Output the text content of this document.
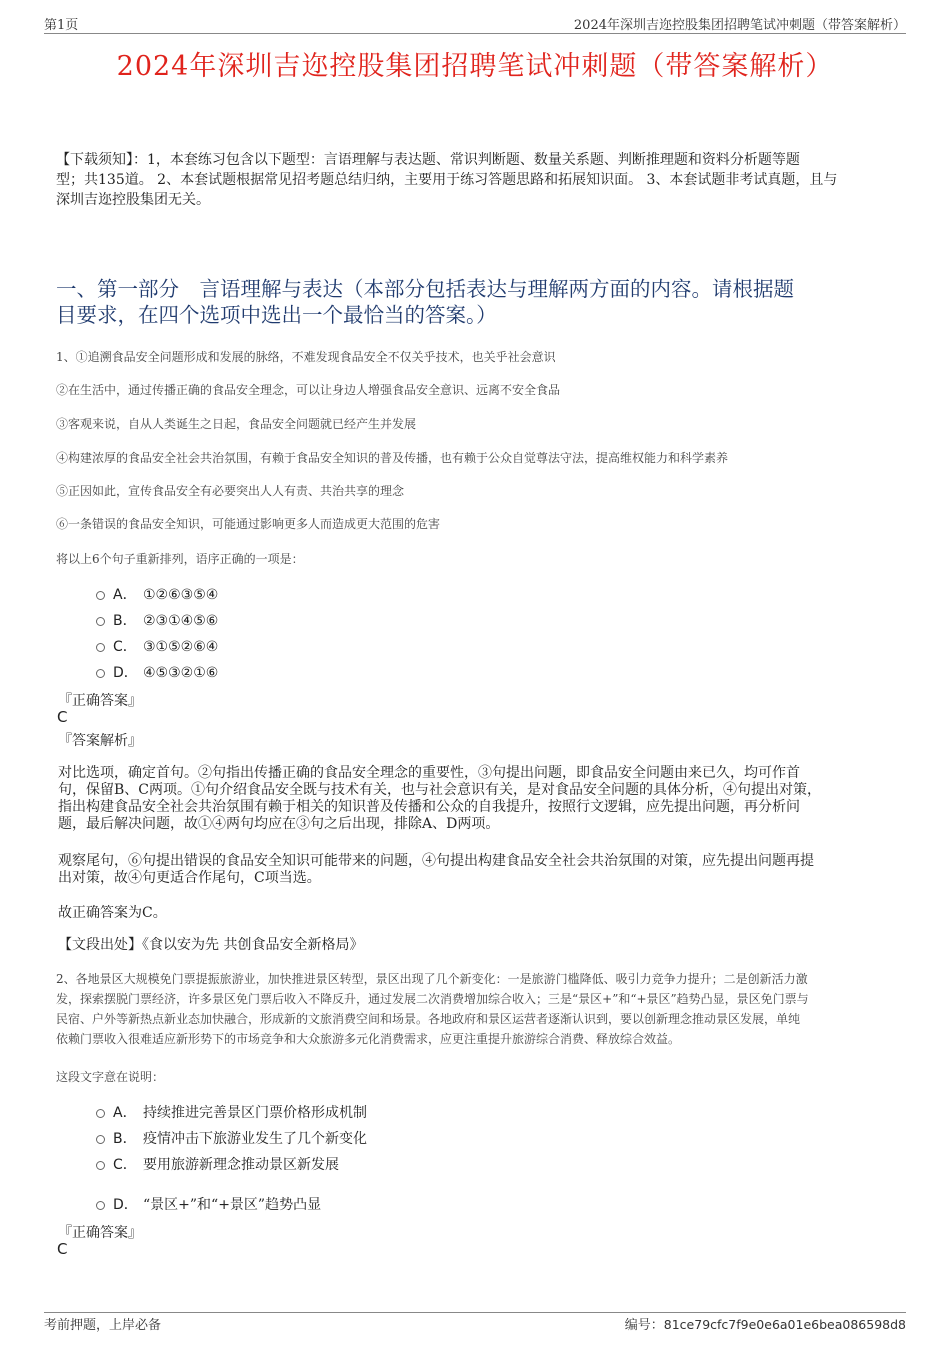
第1页	2024年深圳吉迩控股集团招聘笔试冲刺题（带答案解析）
2024年深圳吉迩控股集团招聘笔试冲刺题（带答案解析）
【下载须知】：1，本套练习包含以下题型：言语理解与表达题、常识判断题、数量关系题、判断推理题和资料分析题等题
型；共135道。 2、本套试题根据常见招考题总结归纳，主要用于练习答题思路和拓展知识面。 3、本套试题非考试真题，且与
深圳吉迩控股集团无关。
一、第一部分　言语理解与表达（本部分包括表达与理解两方面的内容。请根据题
目要求，在四个选项中选出一个最恰当的答案。）
1、①追溯食品安全问题形成和发展的脉络，不难发现食品安全不仅关乎技术，也关乎社会意识
②在生活中，通过传播正确的食品安全理念，可以让身边人增强食品安全意识、远离不安全食品
③客观来说，自从人类诞生之日起，食品安全问题就已经产生并发展
④构建浓厚的食品安全社会共治氛围，有赖于食品安全知识的普及传播，也有赖于公众自觉尊法守法，提高维权能力和科学素养
⑤正因如此，宣传食品安全有必要突出人人有责、共治共享的理念
⑥一条错误的食品安全知识，可能通过影响更多人而造成更大范围的危害
将以上6个句子重新排列，语序正确的一项是：
A． ①②⑥③⑤④
B． ②③①④⑤⑥
C． ③①⑤②⑥④
D． ④⑤③②①⑥
『正确答案』
C
『答案解析』
对比选项，确定首句。②句指出传播正确的食品安全理念的重要性，③句提出问题，即食品安全问题由来已久，均可作首
句，保留B、C两项。①句介绍食品安全既与技术有关，也与社会意识有关，是对食品安全问题的具体分析，④句提出对策，
指出构建食品安全社会共治氛围有赖于相关的知识普及传播和公众的自我提升，按照行文逻辑，应先提出问题，再分析问
题，最后解决问题，故①④两句均应在③句之后出现，排除A、D两项。
观察尾句，⑥句提出错误的食品安全知识可能带来的问题，④句提出构建食品安全社会共治氛围的对策，应先提出问题再提
出对策，故④句更适合作尾句，C项当选。
故正确答案为C。
【文段出处】《食以安为先 共创食品安全新格局》
2、各地景区大规模免门票提振旅游业，加快推进景区转型，景区出现了几个新变化：一是旅游门槛降低、吸引力竞争力提升；二是创新活力激
发，探索摆脱门票经济，许多景区免门票后收入不降反升，通过发展二次消费增加综合收入；三是“景区+”和“+景区”趋势凸显，景区免门票与
民宿、户外等新热点新业态加快融合，形成新的文旅消费空间和场景。各地政府和景区运营者逐渐认识到，要以创新理念推动景区发展，单纯
依赖门票收入很难适应新形势下的市场竞争和大众旅游多元化消费需求，应更注重提升旅游综合消费、释放综合效益。
这段文字意在说明：
A． 持续推进完善景区门票价格形成机制
B． 疫情冲击下旅游业发生了几个新变化
C． 要用旅游新理念推动景区新发展
D． “景区+”和“+景区”趋势凸显
『正确答案』
C
考前押题，上岸必备	编号：81ce79cfc7f9e0e6a01e6bea086598d8
